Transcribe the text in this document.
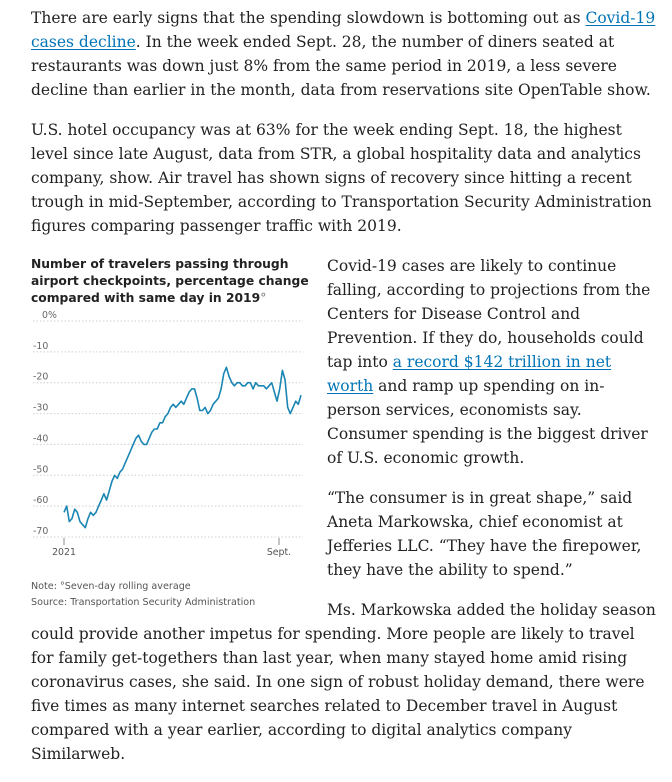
There are early signs that the spending slowdown is bottoming out as Covid-19 cases decline. In the week ended Sept. 28, the number of diners seated at restaurants was down just 8% from the same period in 2019, a less severe decline than earlier in the month, data from reservations site OpenTable show.

U.S. hotel occupancy was at 63% for the week ending Sept. 18, the highest level since late August, data from STR, a global hospitality data and analytics company, show. Air travel has shown signs of recovery since hitting a recent trough in mid-September, according to Transportation Security Administration figures comparing passenger traffic with 2019.

Number of travelers passing through airport checkpoints, percentage change compared with same day in 2019°
0%
-10
-20
-30
-40
-50
-60
-70
2021	Sept.
Note: °Seven-day rolling average
Source: Transportation Security Administration

Covid-19 cases are likely to continue falling, according to projections from the Centers for Disease Control and Prevention. If they do, households could tap into a record $142 trillion in net worth and ramp up spending on in-person services, economists say. Consumer spending is the biggest driver of U.S. economic growth.

“The consumer is in great shape,” said Aneta Markowska, chief economist at Jefferies LLC. “They have the firepower, they have the ability to spend.”

Ms. Markowska added the holiday season could provide another impetus for spending. More people are likely to travel for family get-togethers than last year, when many stayed home amid rising coronavirus cases, she said. In one sign of robust holiday demand, there were five times as many internet searches related to December travel in August compared with a year earlier, according to digital analytics company Similarweb.
